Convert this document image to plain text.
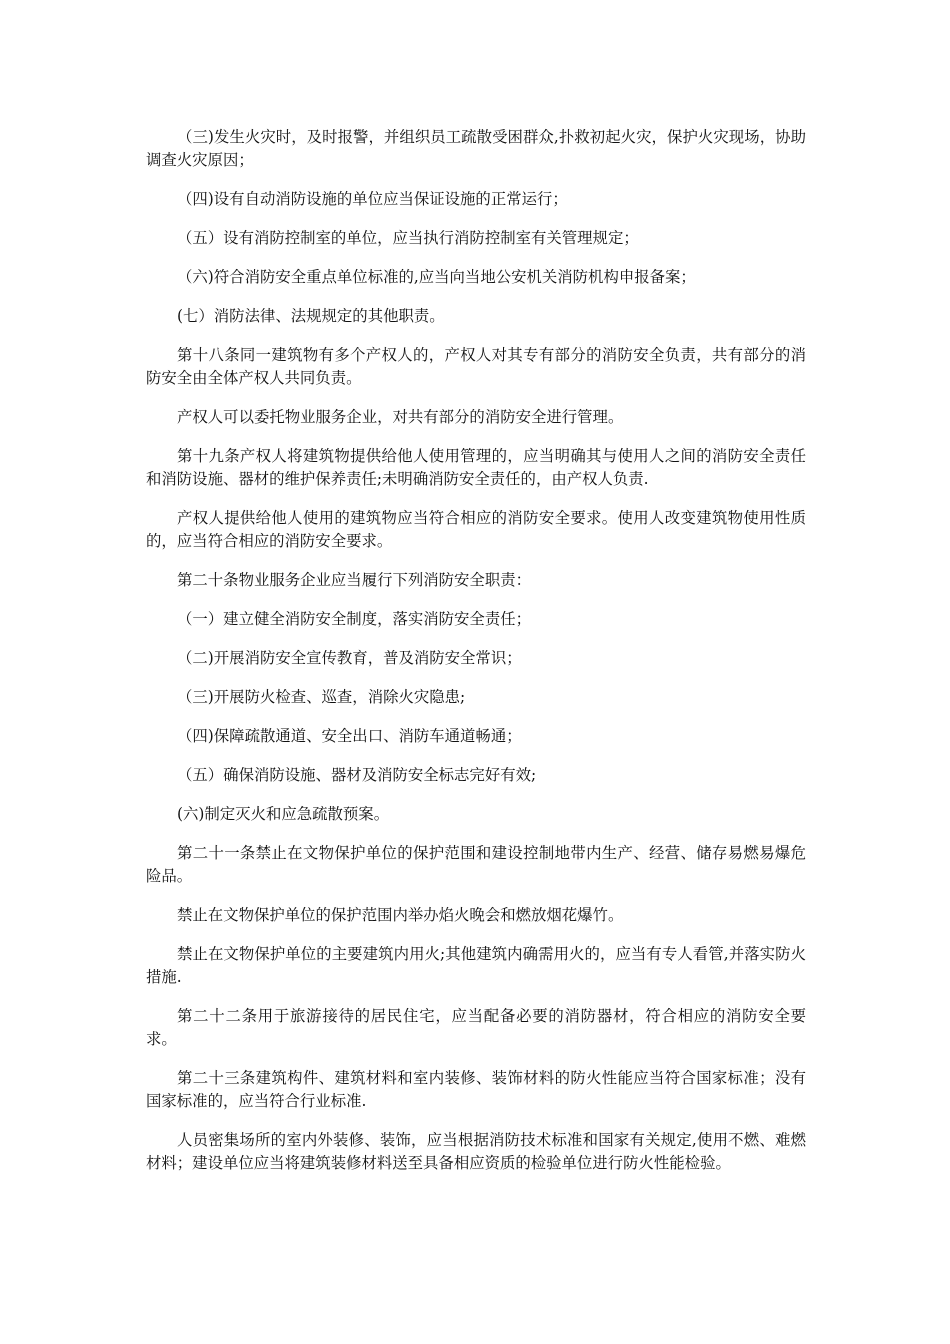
（三)发生火灾时，及时报警，并组织员工疏散受困群众,扑救初起火灾，保护火灾现场，协助调查火灾原因；

（四)设有自动消防设施的单位应当保证设施的正常运行；

（五）设有消防控制室的单位，应当执行消防控制室有关管理规定；

（六)符合消防安全重点单位标准的,应当向当地公安机关消防机构申报备案；

(七）消防法律、法规规定的其他职责。

第十八条同一建筑物有多个产权人的，产权人对其专有部分的消防安全负责，共有部分的消防安全由全体产权人共同负责。

产权人可以委托物业服务企业，对共有部分的消防安全进行管理。

第十九条产权人将建筑物提供给他人使用管理的，应当明确其与使用人之间的消防安全责任和消防设施、器材的维护保养责任;未明确消防安全责任的，由产权人负责.

产权人提供给他人使用的建筑物应当符合相应的消防安全要求。使用人改变建筑物使用性质的，应当符合相应的消防安全要求。

第二十条物业服务企业应当履行下列消防安全职责：

（一）建立健全消防安全制度，落实消防安全责任；

（二)开展消防安全宣传教育，普及消防安全常识；

（三)开展防火检查、巡查，消除火灾隐患;

（四)保障疏散通道、安全出口、消防车通道畅通；

（五）确保消防设施、器材及消防安全标志完好有效;

(六)制定灭火和应急疏散预案。

第二十一条禁止在文物保护单位的保护范围和建设控制地带内生产、经营、储存易燃易爆危险品。

禁止在文物保护单位的保护范围内举办焰火晚会和燃放烟花爆竹。

禁止在文物保护单位的主要建筑内用火;其他建筑内确需用火的，应当有专人看管,并落实防火措施.

第二十二条用于旅游接待的居民住宅，应当配备必要的消防器材，符合相应的消防安全要求。

第二十三条建筑构件、建筑材料和室内装修、装饰材料的防火性能应当符合国家标准；没有国家标准的，应当符合行业标准.

人员密集场所的室内外装修、装饰，应当根据消防技术标准和国家有关规定,使用不燃、难燃材料；建设单位应当将建筑装修材料送至具备相应资质的检验单位进行防火性能检验。
